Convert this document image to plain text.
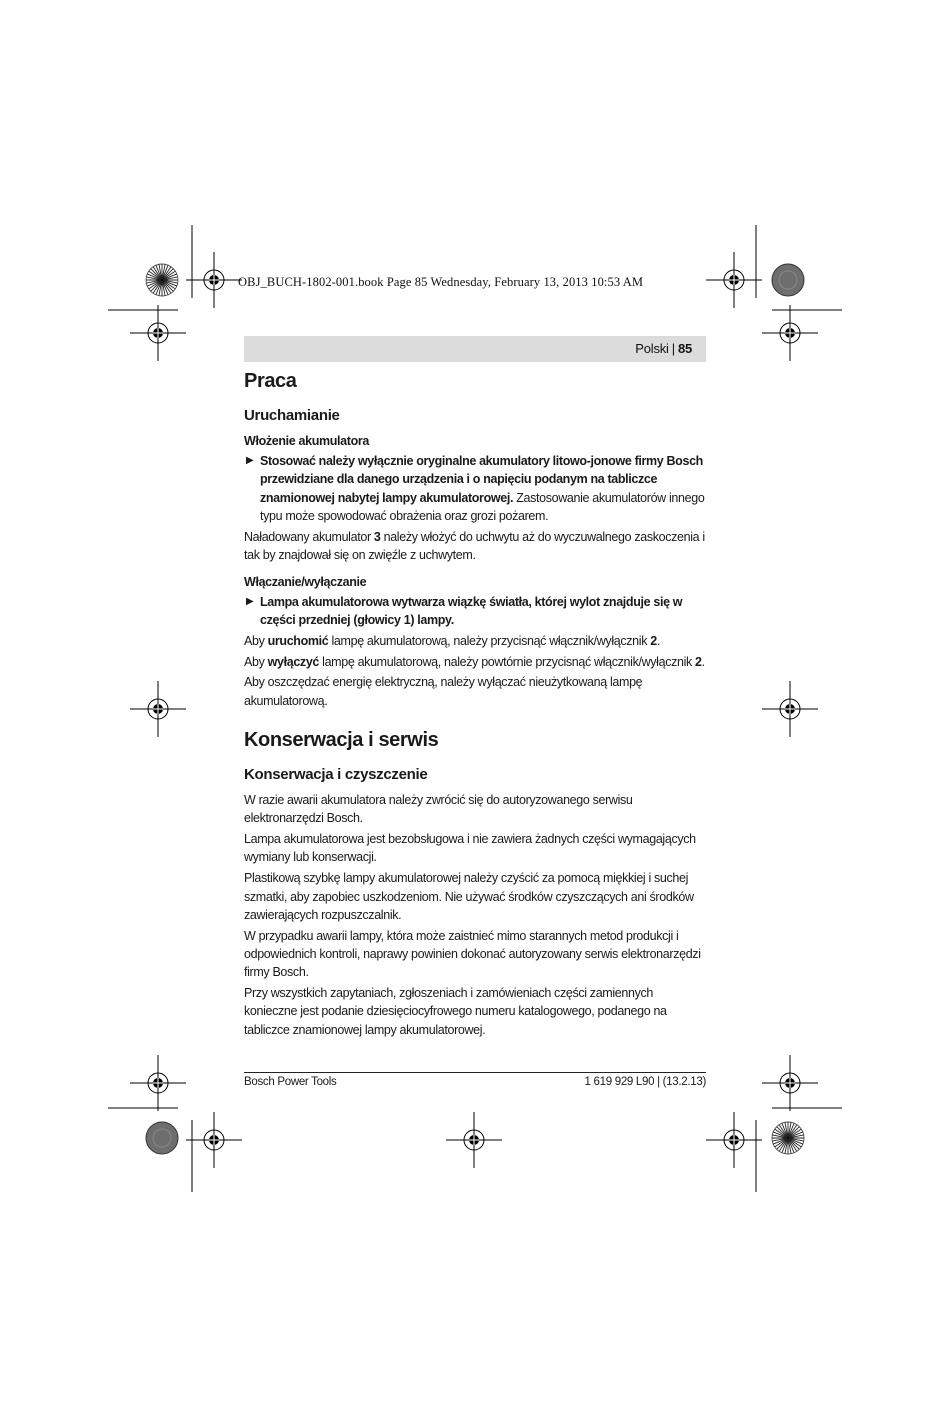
OBJ_BUCH-1802-001.book Page 85 Wednesday, February 13, 2013 10:53 AM
Polski | 85
Praca
Uruchamianie
Włożenie akumulatora

▶ Stosować należy wyłącznie oryginalne akumulatory litowo-jonowe firmy Bosch przewidziane dla danego urządzenia i o napięciu podanym na tabliczce znamionowej nabytej lampy akumulatorowej. Zastosowanie akumulatorów innego typu może spowodować obrażenia oraz grozi pożarem.

Naładowany akumulator 3 należy włożyć do uchwytu aż do wyczuwalnego zaskoczenia i tak by znajdował się on zwięźle z uchwytem.

Włączanie/wyłączanie

▶ Lampa akumulatorowa wytwarza wiązkę światła, której wylot znajduje się w części przedniej (głowicy 1) lampy.

Aby uruchomić lampę akumulatorową, należy przycisnąć włącznik/wyłącznik 2.

Aby wyłączyć lampę akumulatorową, należy powtórnie przycisnąć włącznik/wyłącznik 2.

Aby oszczędzać energię elektryczną, należy wyłączać nieużytkowaną lampę akumulatorową.

Konserwacja i serwis
Konserwacja i czyszczenie

W razie awarii akumulatora należy zwrócić się do autoryzowanego serwisu elektronarzędzi Bosch.

Lampa akumulatorowa jest bezobsługowa i nie zawiera żadnych części wymagających wymiany lub konserwacji.

Plastikową szybkę lampy akumulatorowej należy czyścić za pomocą miękkiej i suchej szmatki, aby zapobiec uszkodzeniom. Nie używać środków czyszczących ani środków zawierających rozpuszczalnik.

W przypadku awarii lampy, która może zaistnieć mimo starannych metod produkcji i odpowiednich kontroli, naprawy powinien dokonać autoryzowany serwis elektronarzędzi firmy Bosch.

Przy wszystkich zapytaniach, zgłoszeniach i zamówieniach części zamiennych konieczne jest podanie dziesięciocyfrowego numeru katalogowego, podanego na tabliczce znamionowej lampy akumulatorowej.

Bosch Power Tools	1 619 929 L90 | (13.2.13)
